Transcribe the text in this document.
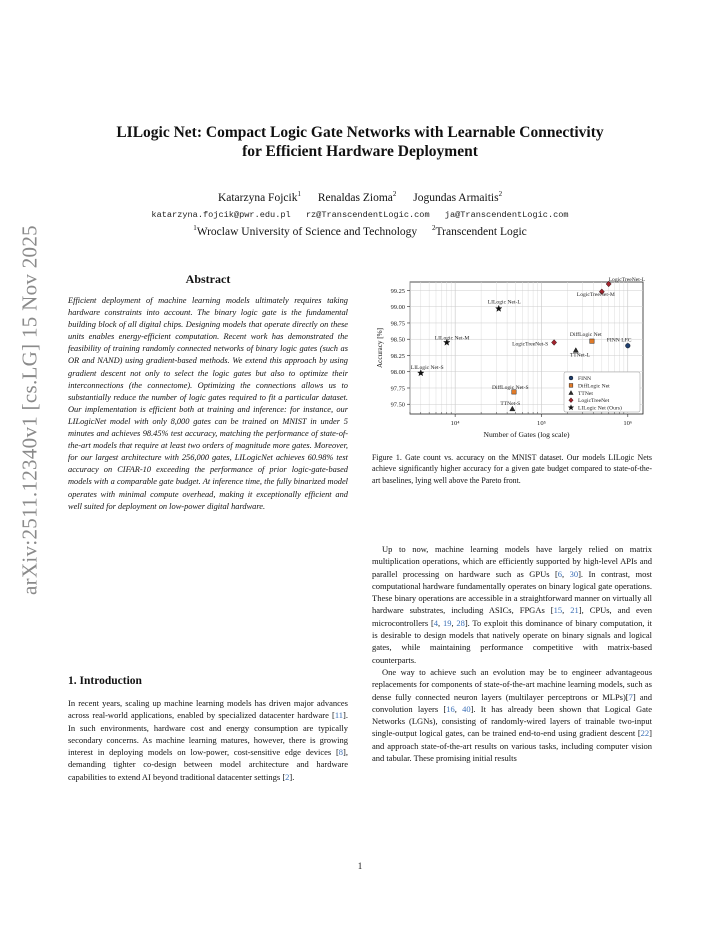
arXiv:2511.12340v1 [cs.LG] 15 Nov 2025
LILogic Net: Compact Logic Gate Networks with Learnable Connectivity
for Efficient Hardware Deployment
Katarzyna Fojcik$^1$ Renaldas Zioma$^2$ Jogundas Armaitis$^2$
katarzyna.fojcik@pwr.edu.pl rz@TranscendentLogic.com ja@TranscendentLogic.com
$^1$Wroclaw University of Science and Technology $^2$Transcendent Logic
Abstract
Efficient deployment of machine learning models ultimately requires taking hardware constraints into account. The binary logic gate is the fundamental building block of all digital chips. Designing models that operate directly on these units enables energy-efficient computation. Recent work has demonstrated the feasibility of training randomly connected networks of binary logic gates (such as OR and NAND) using gradient-based methods. We extend this approach by using gradient descent not only to select the logic gates but also to optimize their interconnections (the connectome). Optimizing the connections allows us to substantially reduce the number of logic gates required to fit a particular dataset. Our implementation is efficient both at training and inference: for instance, our LILogicNet model with only 8,000 gates can be trained on MNIST in under 5 minutes and achieves 98.45% test accuracy, matching the performance of state-of-the-art models that require at least two orders of magnitude more gates. Moreover, for our largest architecture with 256,000 gates, LILogicNet achieves 60.98% test accuracy on CIFAR-10 exceeding the performance of prior logic-gate-based models with a comparable gate budget. At inference time, the fully binarized model operates with minimal compute overhead, making it exceptionally efficient and well suited for deployment on low-power digital hardware.
1. Introduction
In recent years, scaling up machine learning models has driven major advances across real-world applications, enabled by specialized datacenter hardware [11]. In such environments, hardware cost and energy consumption are typically secondary concerns. As machine learning matures, however, there is growing interest in deploying models on low-power, cost-sensitive edge devices [8], demanding tighter co-design between model architecture and hardware capabilities to extend AI beyond traditional datacenter settings [2].
97.50
97.75
98.00
98.25
98.50
98.75
99.00
99.25
10⁴	10⁵	10⁶
Number of Gates (log scale)
Accuracy [%]	FINN LFC
DiffLogic Net-S
DiffLogic Net
TTNet-S
TTNet-L
LogicTreeNet-S
LogicTreeNet-M
LogicTreeNet-L
LILogic Net-S
LILogic Net-M
LILogic Net-L
FINN
DiffLogic Net
TTNet
LogicTreeNet
LILogic Net (Ours)
Figure 1. Gate count vs. accuracy on the MNIST dataset. Our models LILogic Nets achieve significantly higher accuracy for a given gate budget compared to state-of-the-art baselines, lying well above the Pareto front.

Up to now, machine learning models have largely relied on matrix multiplication operations, which are efficiently supported by high-level APIs and parallel processing on hardware such as GPUs [6, 30]. In contrast, most computational hardware fundamentally operates on binary logical gate operations. These binary operations are accessible in a straightforward manner on virtually all hardware substrates, including ASICs, FPGAs [15, 21], CPUs, and even microcontrollers [4, 19, 28]. To exploit this dominance of binary computation, it is desirable to design models that natively operate on binary signals and logical gates, while maintaining performance competitive with matrix-based counterparts.

One way to achieve such an evolution may be to engineer advantageous replacements for components of state-of-the-art machine learning models, such as dense fully connected neuron layers (multilayer perceptrons or MLPs)[7] and convolution layers [16, 40]. It has already been shown that Logical Gate Networks (LGNs), consisting of randomly-wired layers of trainable two-input single-output logical gates, can be trained end-to-end using gradient descent [22] and approach state-of-the-art results on various tasks, including computer vision and tabular. These promising initial results

1
